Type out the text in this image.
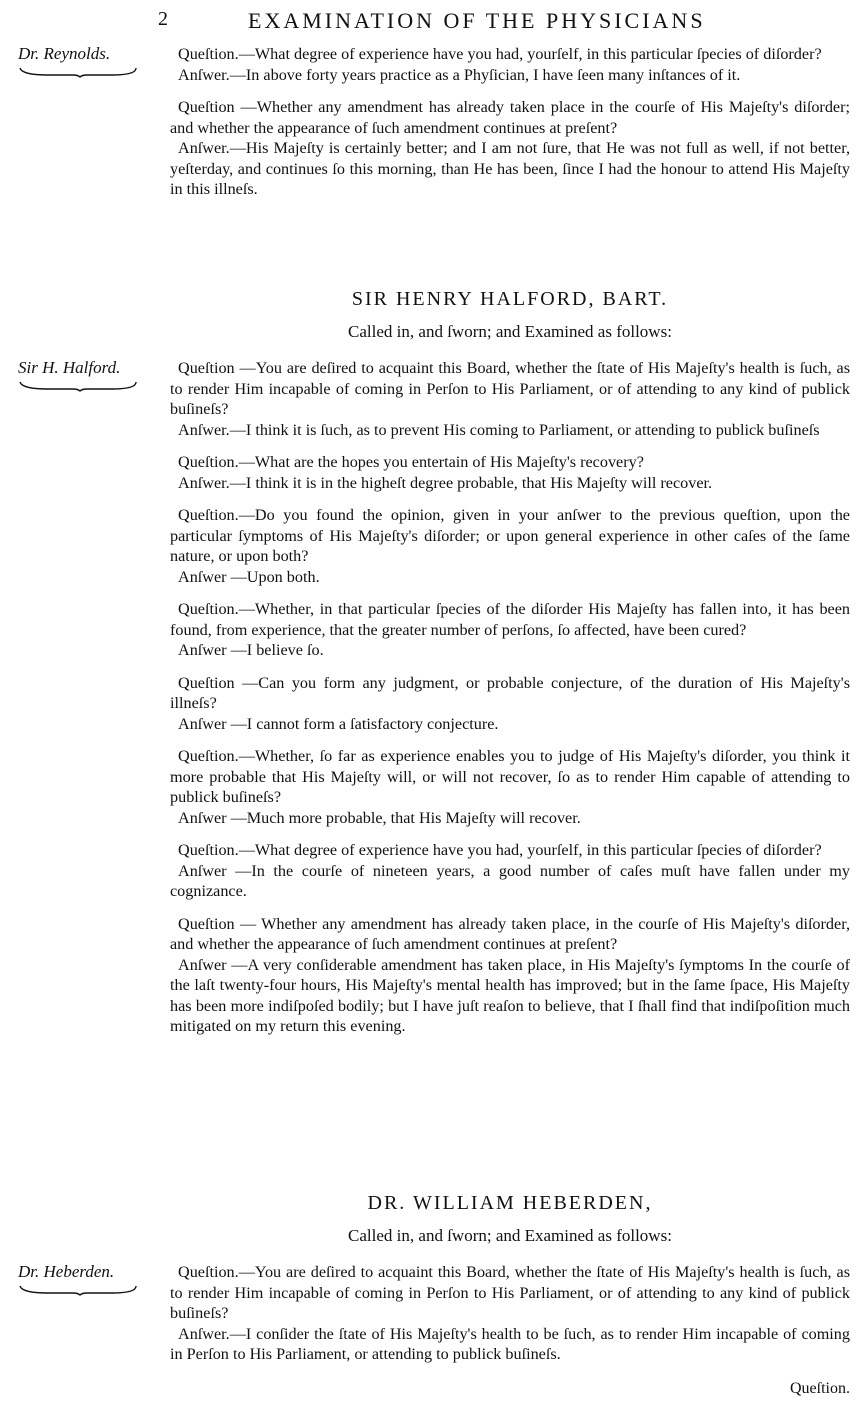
2	EXAMINATION OF THE PHYSICIANS
Dr. Reynolds.	Queſtion.—What degree of experience have you had, yourſelf, in this particular ſpecies of diſorder?

Anſwer.—In above forty years practice as a Phyſician, I have ſeen many inſtances of it.

Queſtion —Whether any amendment has already taken place in the courſe of His Majeſty's diſorder; and whether the appearance of ſuch amendment continues at preſent?

Anſwer.—His Majeſty is certainly better; and I am not ſure, that He was not full as well, if not better, yeſterday, and continues ſo this morning, than He has been, ſince I had the honour to attend His Majeſty in this illneſs.

SIR HENRY HALFORD, BART.
Called in, and ſworn; and Examined as follows:
Sir H. Halford.	Queſtion —You are deſired to acquaint this Board, whether the ſtate of His Majeſty's health is ſuch, as to render Him incapable of coming in Perſon to His Parliament, or of attending to any kind of publick buſineſs?

Anſwer.—I think it is ſuch, as to prevent His coming to Parliament, or attending to publick buſineſs

Queſtion.—What are the hopes you entertain of His Majeſty's recovery?

Anſwer.—I think it is in the higheſt degree probable, that His Majeſty will recover.

Queſtion.—Do you found the opinion, given in your anſwer to the previous queſtion, upon the particular ſymptoms of His Majeſty's diſorder; or upon general experience in other caſes of the ſame nature, or upon both?

Anſwer —Upon both.

Queſtion.—Whether, in that particular ſpecies of the diſorder His Majeſty has fallen into, it has been found, from experience, that the greater number of perſons, ſo affected, have been cured?

Anſwer —I believe ſo.

Queſtion —Can you form any judgment, or probable conjecture, of the duration of His Majeſty's illneſs?

Anſwer —I cannot form a ſatisfactory conjecture.

Queſtion.—Whether, ſo far as experience enables you to judge of His Majeſty's diſorder, you think it more probable that His Majeſty will, or will not recover, ſo as to render Him capable of attending to publick buſineſs?

Anſwer —Much more probable, that His Majeſty will recover.

Queſtion.—What degree of experience have you had, yourſelf, in this particular ſpecies of diſorder?

Anſwer —In the courſe of nineteen years, a good number of caſes muſt have fallen under my cognizance.

Queſtion — Whether any amendment has already taken place, in the courſe of His Majeſty's diſorder, and whether the appearance of ſuch amendment continues at preſent?

Anſwer —A very conſiderable amendment has taken place, in His Majeſty's ſymptoms In the courſe of the laſt twenty-four hours, His Majeſty's mental health has improved; but in the ſame ſpace, His Majeſty has been more indiſpoſed bodily; but I have juſt reaſon to believe, that I ſhall find that indiſpoſition much mitigated on my return this evening.

DR. WILLIAM HEBERDEN,
Called in, and ſworn; and Examined as follows:
Dr. Heberden.	Queſtion.—You are deſired to acquaint this Board, whether the ſtate of His Majeſty's health is ſuch, as to render Him incapable of coming in Perſon to His Parliament, or of attending to any kind of publick buſineſs?

Anſwer.—I conſider the ſtate of His Majeſty's health to be ſuch, as to render Him incapable of coming in Perſon to His Parliament, or attending to publick buſineſs.

Queſtion.
